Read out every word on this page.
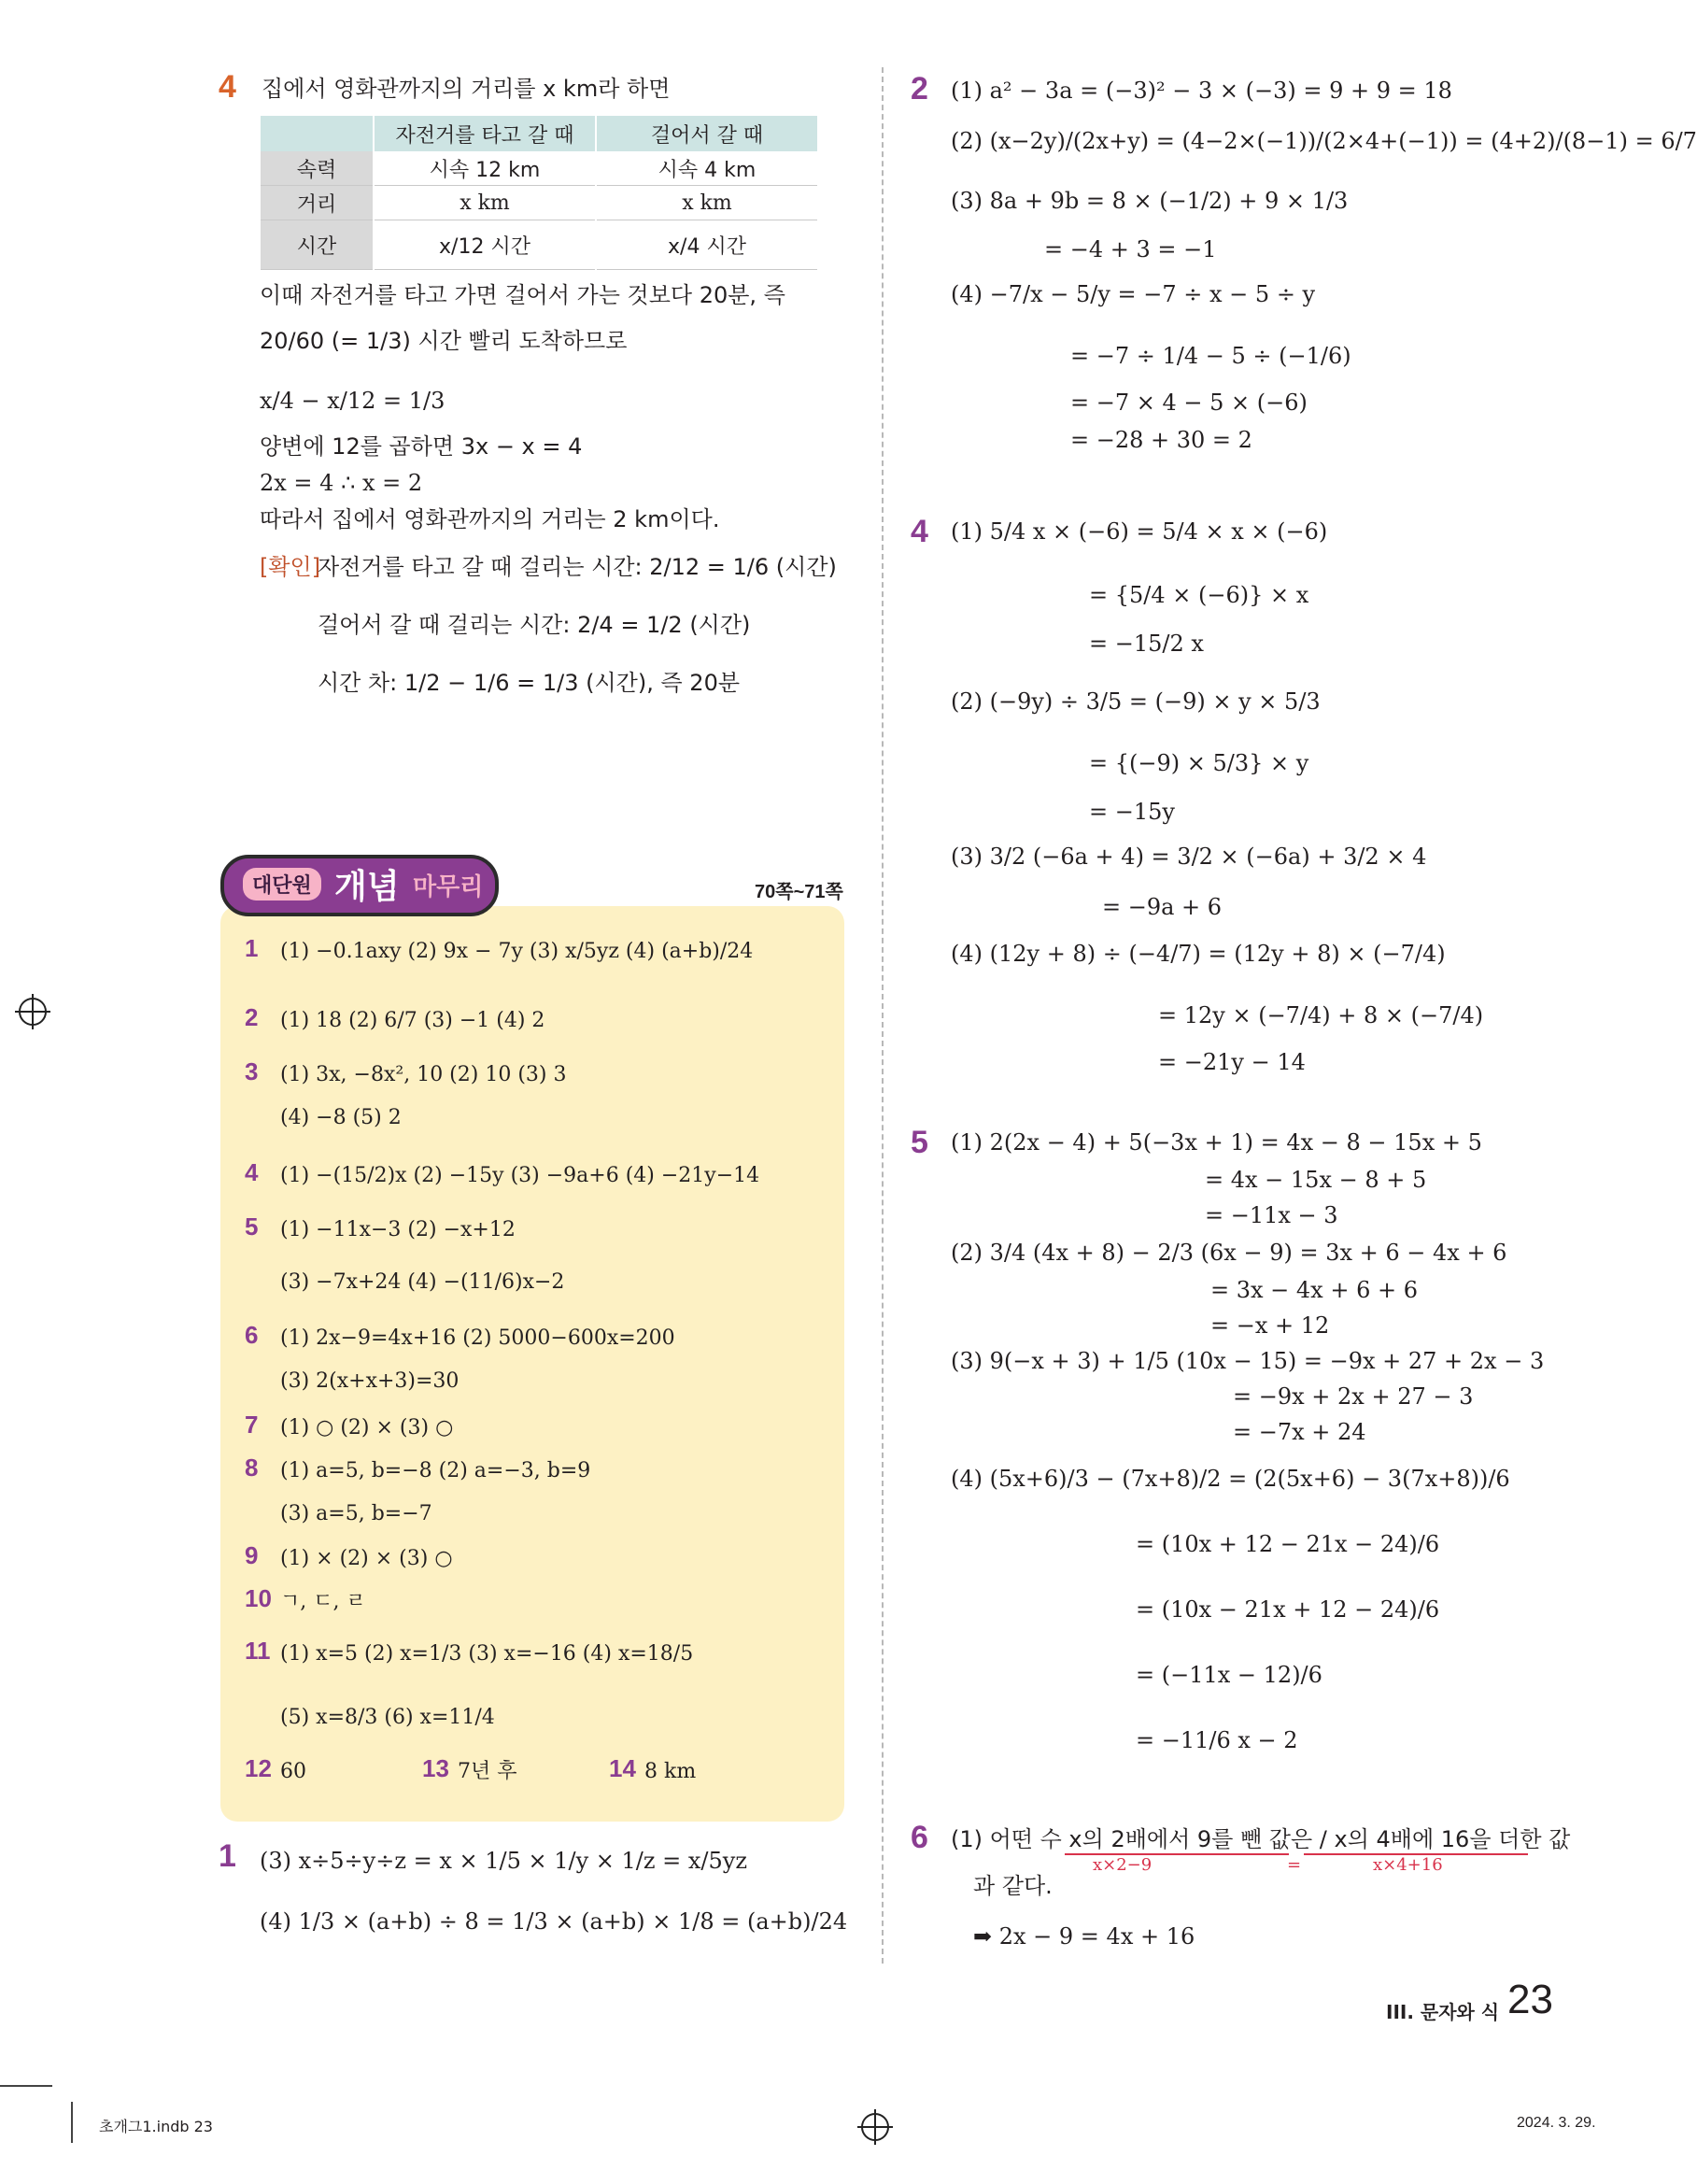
4 집에서 영화관까지의 거리를 x km라 하면
	자전거를 타고 갈 때	걸어서 갈 때
속력	시속 12 km	시속 4 km
거리	x km	x km
시간	x/12 시간	x/4 시간
이때 자전거를 타고 가면 걸어서 가는 것보다 20분, 즉
20/60 (= 1/3) 시간 빨리 도착하므로
x/4 − x/12 = 1/3
양변에 12를 곱하면 3x − x = 4
2x = 4 ∴ x = 2
따라서 집에서 영화관까지의 거리는 2 km이다.
[확인]
자전거를 타고 갈 때 걸리는 시간: 2/12 = 1/6 (시간)
걸어서 갈 때 걸리는 시간: 2/4 = 1/2 (시간)
시간 차: 1/2 − 1/6 = 1/3 (시간), 즉 20분
대단원 개념 마무리	70쪽~71쪽
1 (1) −0.1axy (2) 9x − 7y (3) x/5yz (4) (a+b)/24
2 (1) 18 (2) 6/7 (3) −1 (4) 2
3 (1) 3x, −8x², 10 (2) 10 (3) 3
(4) −8 (5) 2
4 (1) −(15/2)x (2) −15y (3) −9a+6 (4) −21y−14
5 (1) −11x−3 (2) −x+12
(3) −7x+24 (4) −(11/6)x−2
6 (1) 2x−9=4x+16 (2) 5000−600x=200
(3) 2(x+x+3)=30
7 (1) ○ (2) × (3) ○
8 (1) a=5, b=−8 (2) a=−3, b=9
(3) a=5, b=−7
9 (1) × (2) × (3) ○
10 ㄱ, ㄷ, ㄹ
11 (1) x=5 (2) x=1/3 (3) x=−16 (4) x=18/5
(5) x=8/3 (6) x=11/4
12 60	13 7년 후	14 8 km
1 (3) x÷5÷y÷z = x × 1/5 × 1/y × 1/z = x/5yz
(4) 1/3 × (a+b) ÷ 8 = 1/3 × (a+b) × 1/8 = (a+b)/24
2 (1) a² − 3a = (−3)² − 3 × (−3) = 9 + 9 = 18
(2) (x−2y)/(2x+y) = (4−2×(−1))/(2×4+(−1)) = (4+2)/(8−1) = 6/7
(3) 8a + 9b = 8 × (−1/2) + 9 × 1/3
= −4 + 3 = −1
(4) −7/x − 5/y = −7 ÷ x − 5 ÷ y
= −7 ÷ 1/4 − 5 ÷ (−1/6)
= −7 × 4 − 5 × (−6)
= −28 + 30 = 2
4 (1) 5/4 x × (−6) = 5/4 × x × (−6)
= {5/4 × (−6)} × x
= −15/2 x
(2) (−9y) ÷ 3/5 = (−9) × y × 5/3
= {(−9) × 5/3} × y
= −15y
(3) 3/2 (−6a + 4) = 3/2 × (−6a) + 3/2 × 4
= −9a + 6
(4) (12y + 8) ÷ (−4/7) = (12y + 8) × (−7/4)
= 12y × (−7/4) + 8 × (−7/4)
= −21y − 14
5 (1) 2(2x − 4) + 5(−3x + 1) = 4x − 8 − 15x + 5
= 4x − 15x − 8 + 5
= −11x − 3
(2) 3/4 (4x + 8) − 2/3 (6x − 9) = 3x + 6 − 4x + 6
= 3x − 4x + 6 + 6
= −x + 12
(3) 9(−x + 3) + 1/5 (10x − 15) = −9x + 27 + 2x − 3
= −9x + 2x + 27 − 3
= −7x + 24
(4) (5x+6)/3 − (7x+8)/2 = (2(5x+6) − 3(7x+8))/6
= (10x + 12 − 21x − 24)/6
= (10x − 21x + 12 − 24)/6
= (−11x − 12)/6
= −11/6 x − 2
6 (1) 어떤 수 x의 2배에서 9를 뺀 값은 / x의 4배에 16을 더한 값
x×2−9	=	x×4+16
과 같다.
➡ 2x − 9 = 4x + 16
III. 문자와 식 23
초개그1.indb 23	2024. 3. 29.
